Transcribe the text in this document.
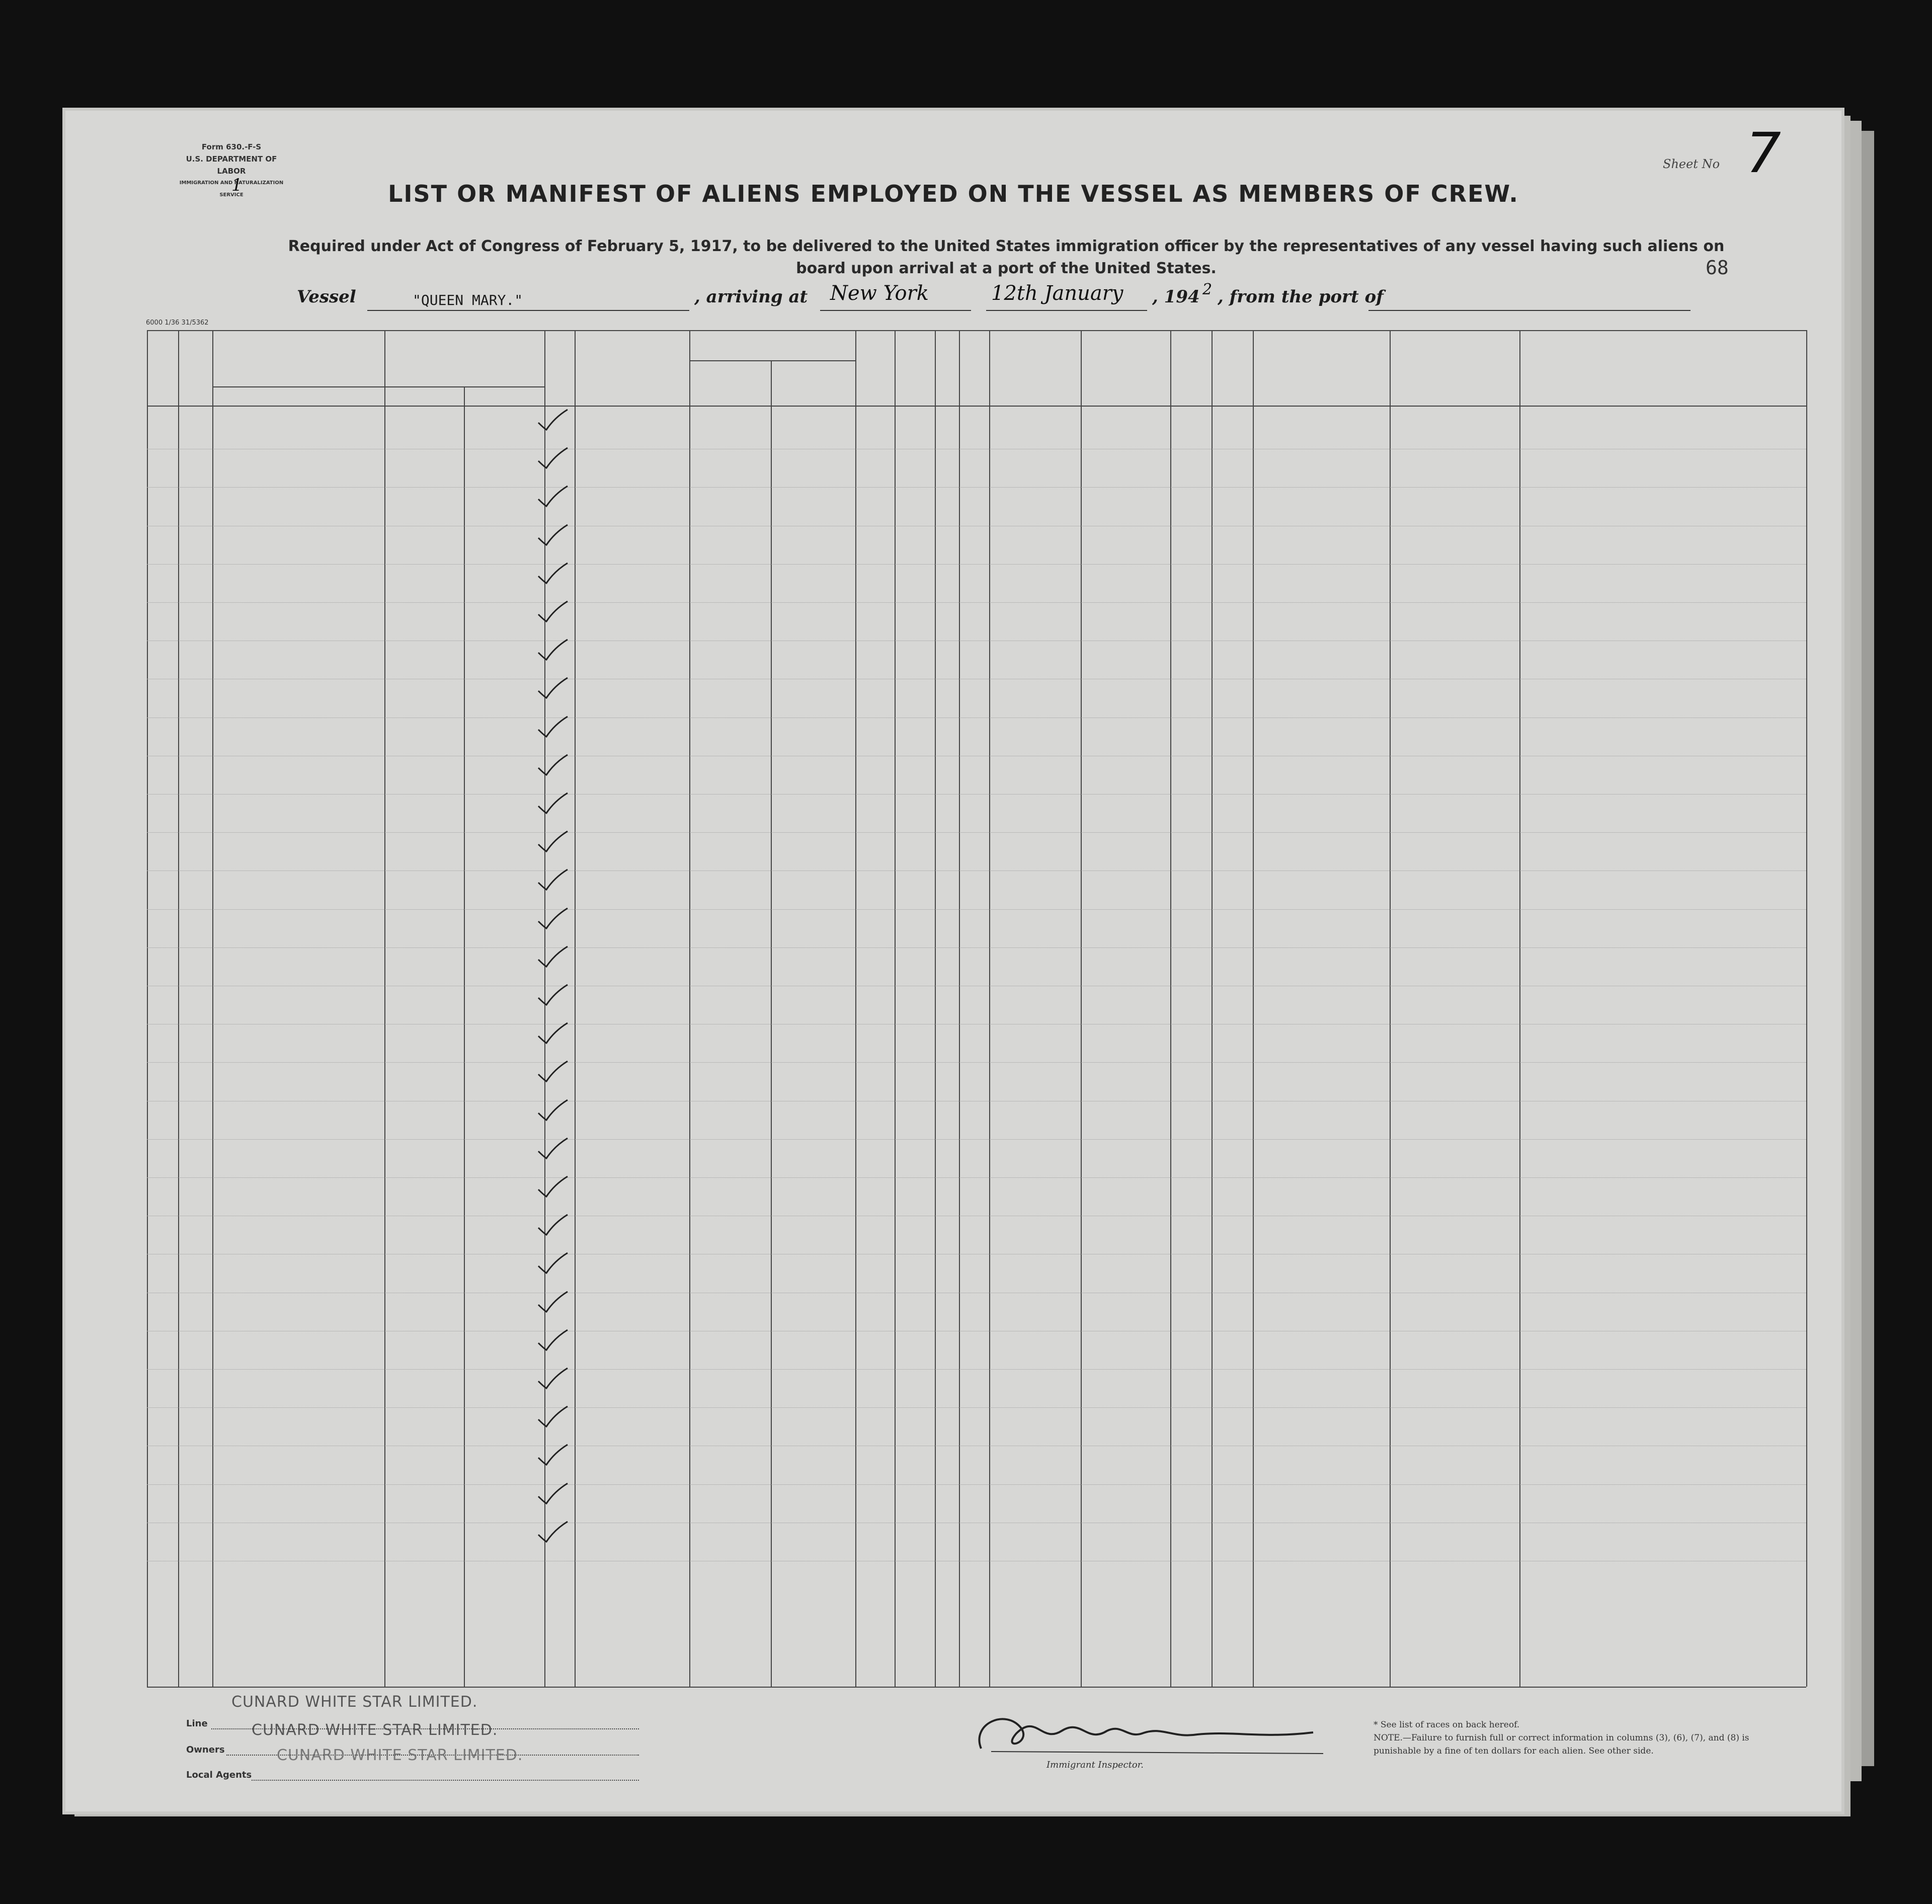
Form 630.-F-S
U.S. DEPARTMENT OF LABOR
IMMIGRATION AND NATURALIZATION SERVICE
1
Sheet No 7
LIST OR MANIFEST OF ALIENS EMPLOYED ON THE VESSEL AS MEMBERS OF CREW.
Required under Act of Congress of February 5, 1917, to be delivered to the United States immigration officer by the representatives of any vessel having such aliens on board upon arrival at a port of the United States.	68
Vessel	"QUEEN MARY."	, arriving at New York	12th January , 194 2 , from the port of
6000 1/36 31/5362
CUNARD WHITE STAR LIMITED.
Line	CUNARD WHITE STAR LIMITED.
Owners	CUNARD WHITE STAR LIMITED.
Local Agents
Immigrant Inspector.
* See list of races on back hereof.
NOTE.—Failure to furnish full or correct information in columns (3), (6), (7), and (8) is punishable by a fine of ten dollars for each alien. See other side.
